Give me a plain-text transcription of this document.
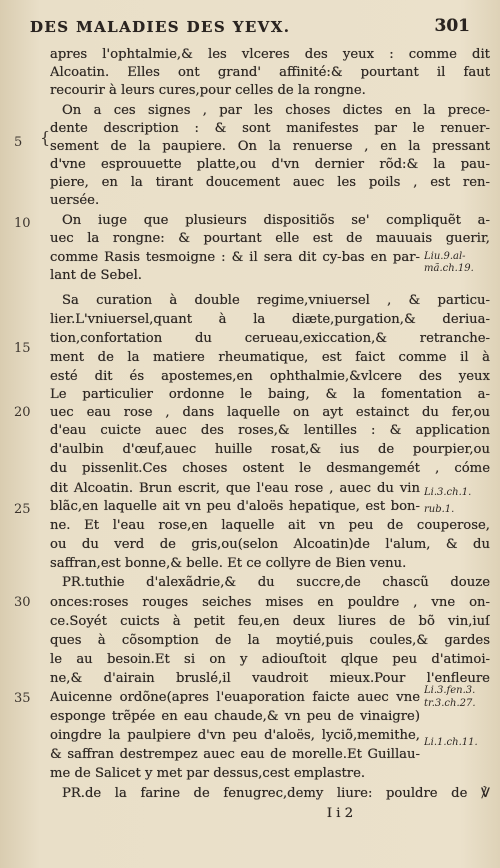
DES MALADIES DES YEVX.	301
{
5
10
15
20
25
30
35
Liu.9.al-
mã.ch.19.
Li.3.ch.1.
rub.1.
Li.3.fen.3.
tr.3.ch.27.
Li.1.ch.11.
apres l'ophtalmie,& les vlceres des yeux : comme dit
Alcoatin. Elles ont grand' affinité:& pourtant il faut
recourir à leurs cures,pour celles de la rongne.
On a ces signes , par les choses dictes en la prece-
dente description : & sont manifestes par le renuer-
sement de la paupiere. On la renuerse , en la pressant
d'vne esprouuette platte,ou d'vn dernier rõd:& la pau-
piere, en la tirant doucement auec les poils , est ren-
uersée.
On iuge que plusieurs dispositiõs se' compliquẽt a-
uec la rongne: & pourtant elle est de mauuais guerir,
comme Rasis tesmoigne : & il sera dit cy-bas en par-
lant de Sebel.
Sa curation à double regime,vniuersel , & particu-
lier.L'vniuersel,quant à la diæte,purgation,& deriua-
tion,confortation du cerueau,exiccation,& retranche-
ment de la matiere rheumatique, est faict comme il à
esté dit és apostemes,en ophthalmie,&vlcere des yeux
Le particulier ordonne le baing, & la fomentation a-
uec eau rose , dans laquelle on ayt estainct du fer,ou
d'eau cuicte auec des roses,& lentilles : & application
d'aulbin d'œuf,auec huille rosat,& ius de pourpier,ou
du pissenlit.Ces choses ostent le desmangemét , cóme
dit Alcoatin. Brun escrit, que l'eau rose , auec du vin
blãc,en laquelle ait vn peu d'aloës hepatique, est bon-
ne. Et l'eau rose,en laquelle ait vn peu de couperose,
ou du verd de gris,ou(selon Alcoatin)de l'alum, & du
saffran,est bonne,& belle. Et ce collyre de Bien venu.
PR.tuthie d'alexãdrie,& du succre,de chascũ douze
onces:roses rouges seiches mises en pouldre , vne on-
ce.Soyét cuicts à petit feu,en deux liures de bõ vin,iuſ
ques à cõsomption de la moytié,puis coules,& gardes
le au besoin.Et si on y adiouſtoit qlque peu d'atimoi-
ne,& d'airain bruslé,il vaudroit mieux.Pour l'enfleure
Auicenne ordõne(apres l'euaporation faicte auec vne
esponge trẽpée en eau chaude,& vn peu de vinaigre)
oingdre la paulpiere d'vn peu d'aloës, lyciõ,memithe,
& saffran destrempez auec eau de morelle.Et Guillau-
me de Salicet y met par dessus,cest emplastre.
PR.de la farine de fenugrec,demy liure: pouldre de ℣
I i 2
